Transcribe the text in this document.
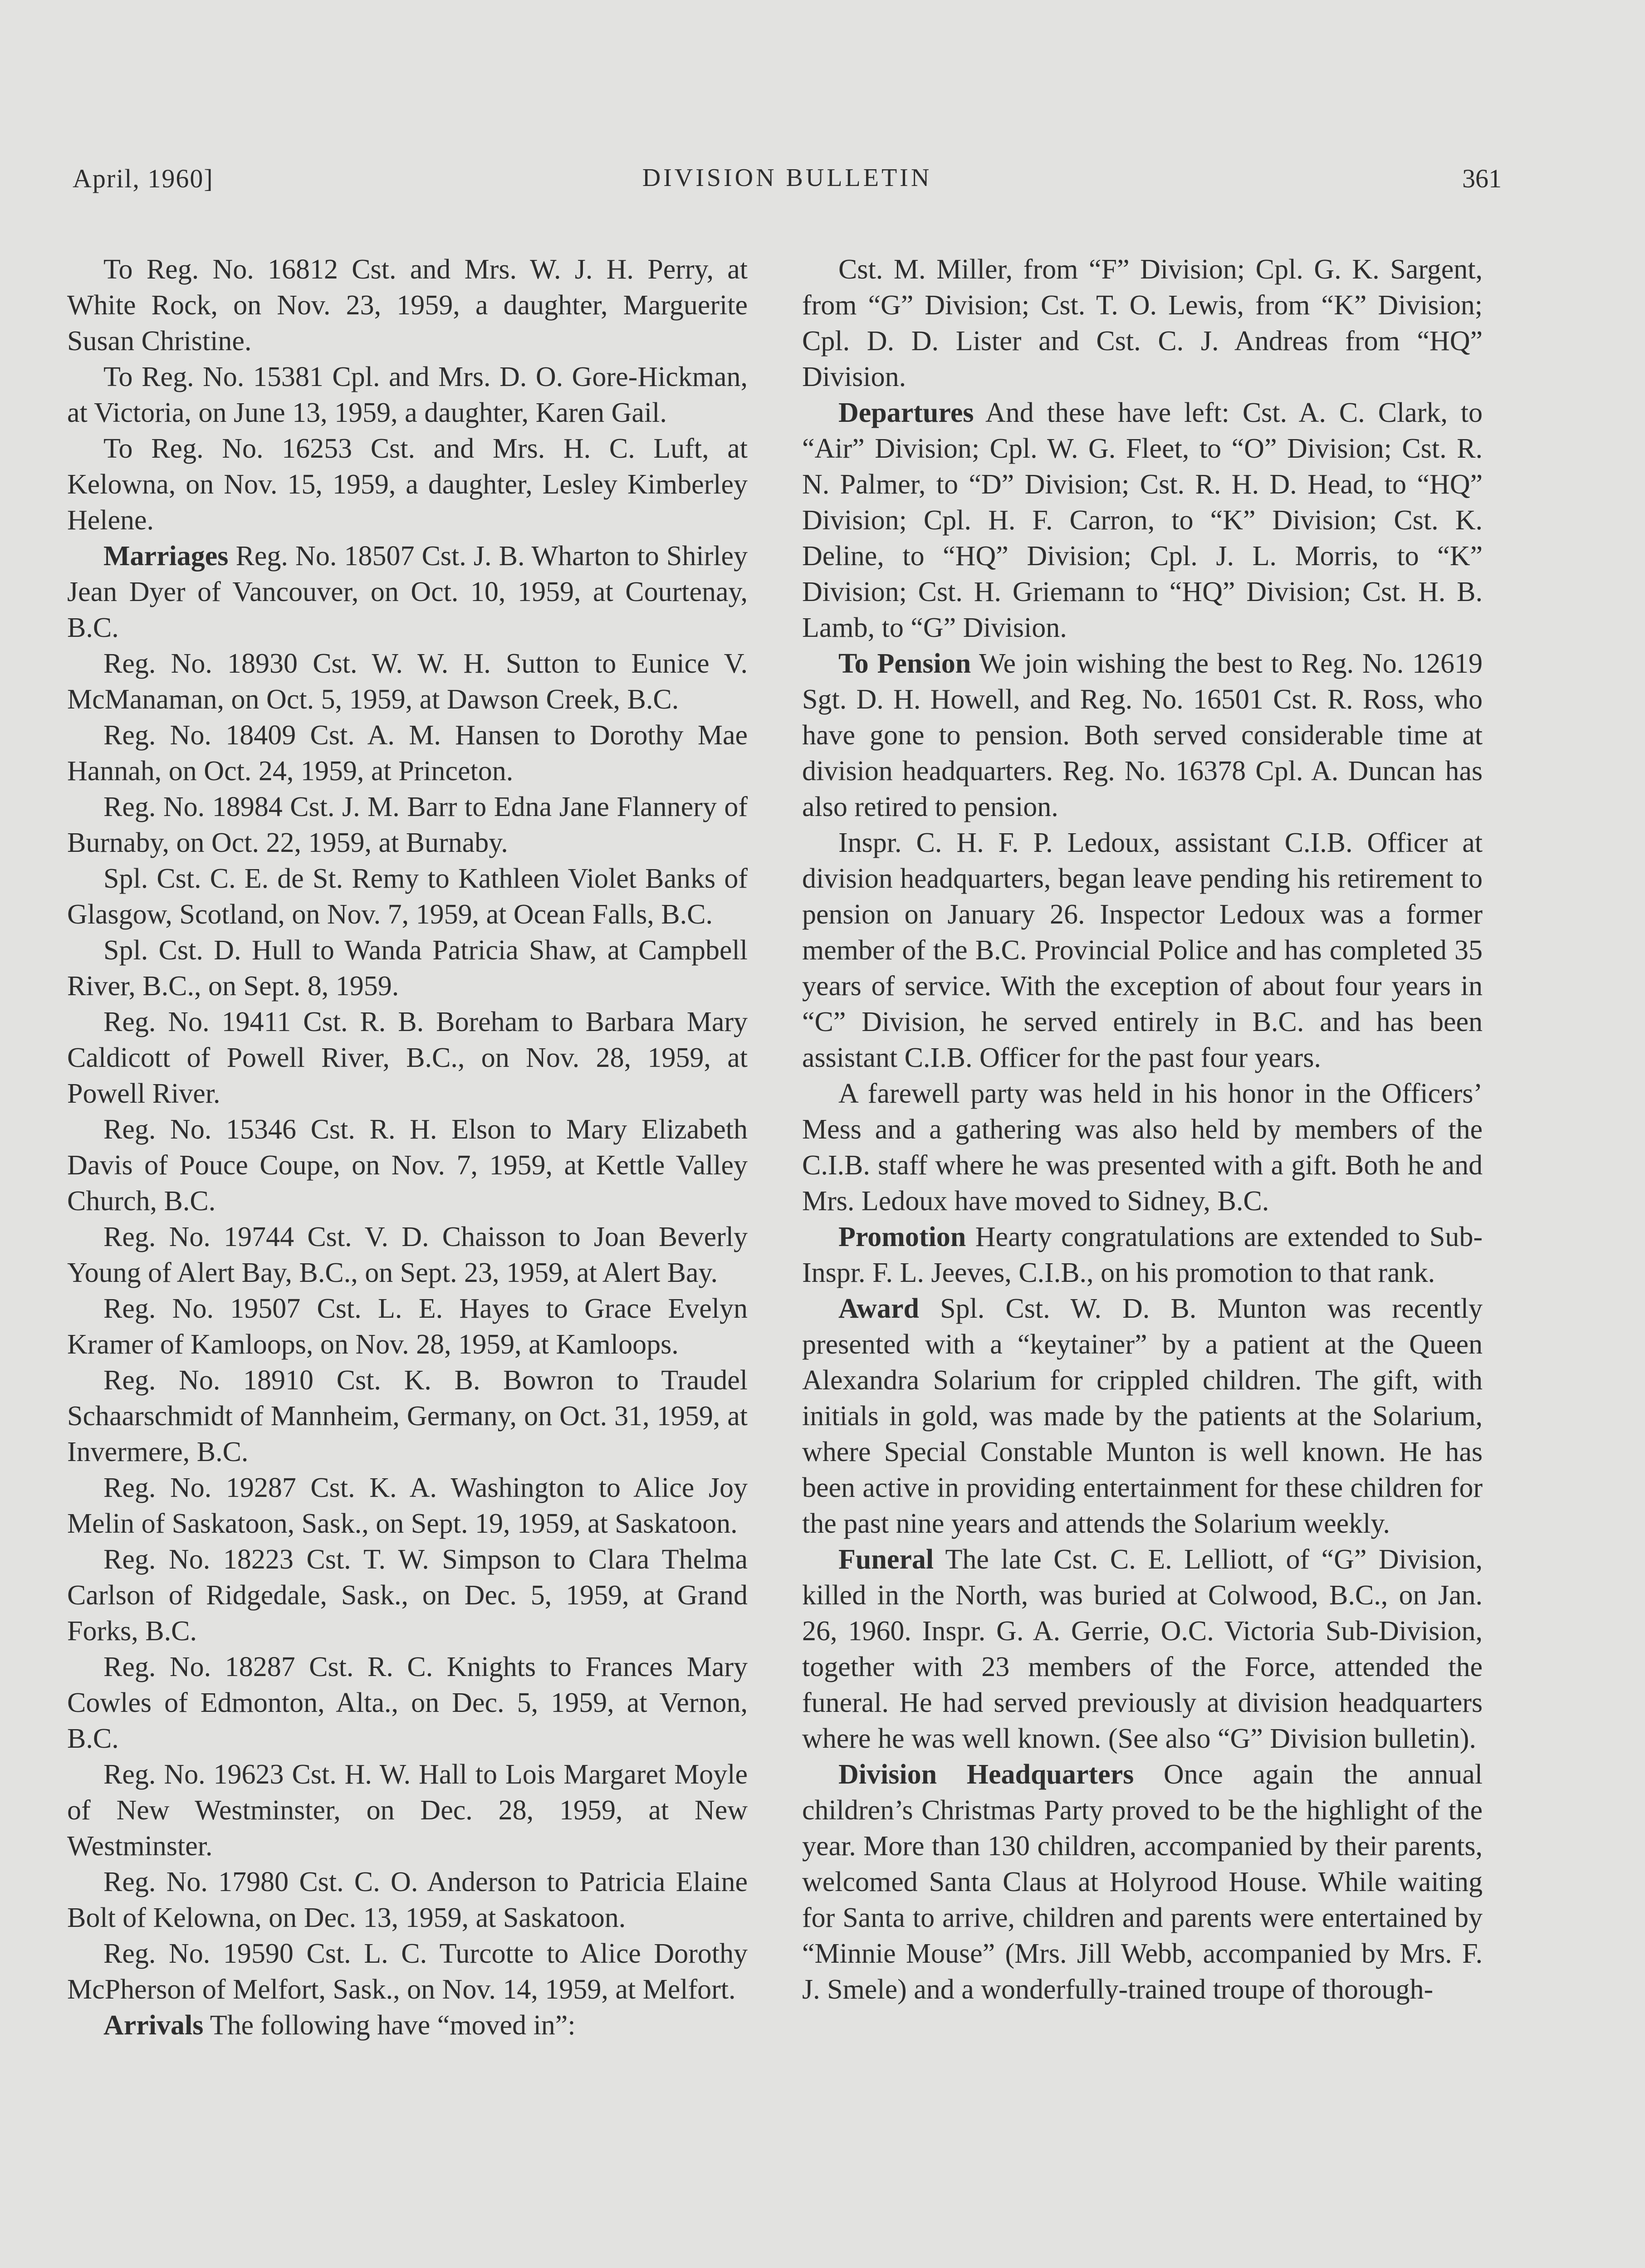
April, 1960]	DIVISION BULLETIN	361

To Reg. No. 16812 Cst. and Mrs. W. J. H. Perry, at White Rock, on Nov. 23, 1959, a daughter, Marguerite Susan Christine.

To Reg. No. 15381 Cpl. and Mrs. D. O. Gore-Hickman, at Victoria, on June 13, 1959, a daughter, Karen Gail.

To Reg. No. 16253 Cst. and Mrs. H. C. Luft, at Kelowna, on Nov. 15, 1959, a daughter, Lesley Kimberley Helene.

Marriages Reg. No. 18507 Cst. J. B. Wharton to Shirley Jean Dyer of Vancouver, on Oct. 10, 1959, at Courtenay, B.C.

Reg. No. 18930 Cst. W. W. H. Sutton to Eunice V. McManaman, on Oct. 5, 1959, at Dawson Creek, B.C.

Reg. No. 18409 Cst. A. M. Hansen to Dorothy Mae Hannah, on Oct. 24, 1959, at Princeton.

Reg. No. 18984 Cst. J. M. Barr to Edna Jane Flannery of Burnaby, on Oct. 22, 1959, at Burnaby.

Spl. Cst. C. E. de St. Remy to Kathleen Violet Banks of Glasgow, Scotland, on Nov. 7, 1959, at Ocean Falls, B.C.

Spl. Cst. D. Hull to Wanda Patricia Shaw, at Campbell River, B.C., on Sept. 8, 1959.

Reg. No. 19411 Cst. R. B. Boreham to Barbara Mary Caldicott of Powell River, B.C., on Nov. 28, 1959, at Powell River.

Reg. No. 15346 Cst. R. H. Elson to Mary Elizabeth Davis of Pouce Coupe, on Nov. 7, 1959, at Kettle Valley Church, B.C.

Reg. No. 19744 Cst. V. D. Chaisson to Joan Beverly Young of Alert Bay, B.C., on Sept. 23, 1959, at Alert Bay.

Reg. No. 19507 Cst. L. E. Hayes to Grace Evelyn Kramer of Kamloops, on Nov. 28, 1959, at Kamloops.

Reg. No. 18910 Cst. K. B. Bowron to Traudel Schaarschmidt of Mannheim, Germany, on Oct. 31, 1959, at Invermere, B.C.

Reg. No. 19287 Cst. K. A. Washington to Alice Joy Melin of Saskatoon, Sask., on Sept. 19, 1959, at Saskatoon.

Reg. No. 18223 Cst. T. W. Simpson to Clara Thelma Carlson of Ridgedale, Sask., on Dec. 5, 1959, at Grand Forks, B.C.

Reg. No. 18287 Cst. R. C. Knights to Frances Mary Cowles of Edmonton, Alta., on Dec. 5, 1959, at Vernon, B.C.

Reg. No. 19623 Cst. H. W. Hall to Lois Margaret Moyle of New Westminster, on Dec. 28, 1959, at New Westminster.

Reg. No. 17980 Cst. C. O. Anderson to Patricia Elaine Bolt of Kelowna, on Dec. 13, 1959, at Saskatoon.

Reg. No. 19590 Cst. L. C. Turcotte to Alice Dorothy McPherson of Melfort, Sask., on Nov. 14, 1959, at Melfort.

Arrivals The following have “moved in”:

Cst. M. Miller, from “F” Division; Cpl. G. K. Sargent, from “G” Division; Cst. T. O. Lewis, from “K” Division; Cpl. D. D. Lister and Cst. C. J. Andreas from “HQ” Division.

Departures And these have left: Cst. A. C. Clark, to “Air” Division; Cpl. W. G. Fleet, to “O” Division; Cst. R. N. Palmer, to “D” Division; Cst. R. H. D. Head, to “HQ” Division; Cpl. H. F. Carron, to “K” Division; Cst. K. Deline, to “HQ” Division; Cpl. J. L. Morris, to “K” Division; Cst. H. Griemann to “HQ” Division; Cst. H. B. Lamb, to “G” Division.

To Pension We join wishing the best to Reg. No. 12619 Sgt. D. H. Howell, and Reg. No. 16501 Cst. R. Ross, who have gone to pension. Both served considerable time at division headquarters. Reg. No. 16378 Cpl. A. Duncan has also retired to pension.

Inspr. C. H. F. P. Ledoux, assistant C.I.B. Officer at division headquarters, began leave pending his retirement to pension on January 26. Inspector Ledoux was a former member of the B.C. Provincial Police and has completed 35 years of service. With the exception of about four years in “C” Division, he served entirely in B.C. and has been assistant C.I.B. Officer for the past four years.

A farewell party was held in his honor in the Officers’ Mess and a gathering was also held by members of the C.I.B. staff where he was presented with a gift. Both he and Mrs. Ledoux have moved to Sidney, B.C.

Promotion Hearty congratulations are extended to Sub-Inspr. F. L. Jeeves, C.I.B., on his promotion to that rank.

Award Spl. Cst. W. D. B. Munton was recently presented with a “keytainer” by a patient at the Queen Alexandra Solarium for crippled children. The gift, with initials in gold, was made by the patients at the Solarium, where Special Constable Munton is well known. He has been active in providing entertainment for these children for the past nine years and attends the Solarium weekly.

Funeral The late Cst. C. E. Lelliott, of “G” Division, killed in the North, was buried at Colwood, B.C., on Jan. 26, 1960. Inspr. G. A. Gerrie, O.C. Victoria Sub-Division, together with 23 members of the Force, attended the funeral. He had served previously at division headquarters where he was well known. (See also “G” Division bulletin).

Division Headquarters Once again the annual children’s Christmas Party proved to be the highlight of the year. More than 130 children, accompanied by their parents, welcomed Santa Claus at Holyrood House. While waiting for Santa to arrive, children and parents were entertained by “Minnie Mouse” (Mrs. Jill Webb, accompanied by Mrs. F. J. Smele) and a wonderfully-trained troupe of thorough-
